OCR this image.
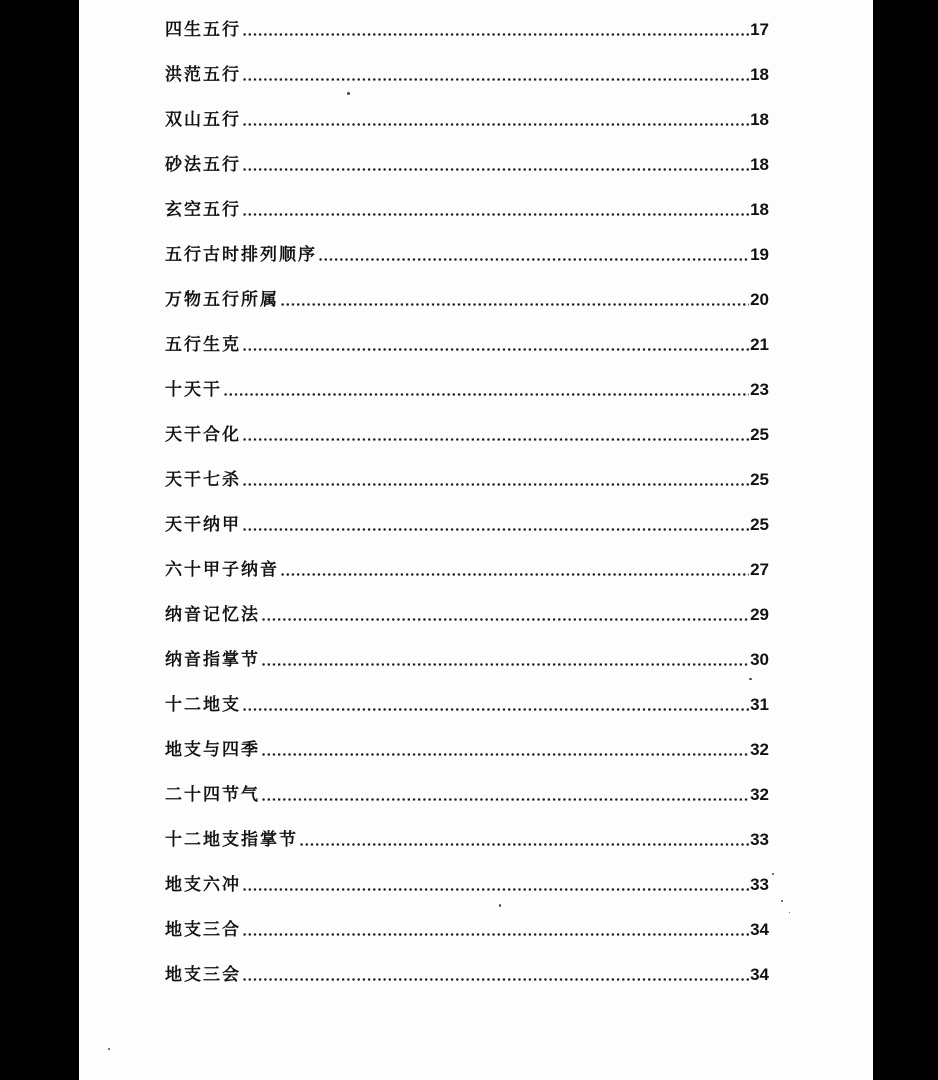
四生五行	17
洪范五行	18
双山五行	18
砂法五行	18
玄空五行	18
五行古时排列顺序	19
万物五行所属	20
五行生克	21
十天干	23
天干合化	25
天干七杀	25
天干纳甲	25
六十甲子纳音	27
纳音记忆法	29
纳音指掌节	30
十二地支	31
地支与四季	32
二十四节气	32
十二地支指掌节	33
地支六冲	33
地支三合	34
地支三会	34
